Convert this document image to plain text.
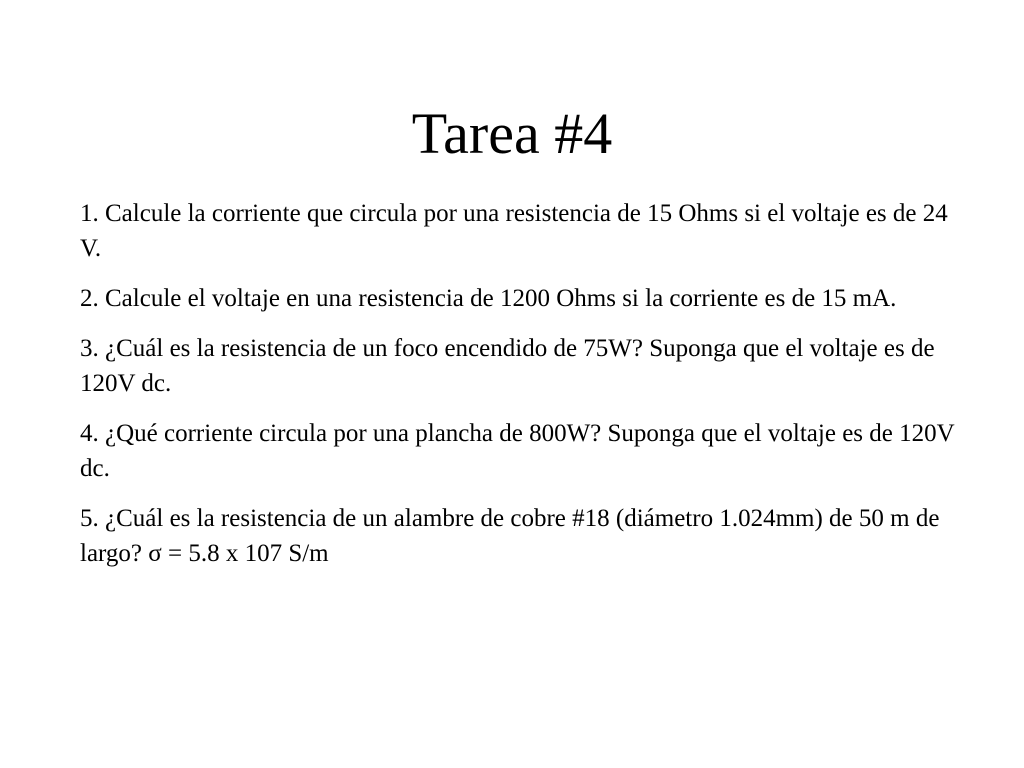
Tarea #4
1. Calcule la corriente que circula por una resistencia de 15 Ohms si el voltaje es de 24 V.
2. Calcule el voltaje en una resistencia de 1200 Ohms si la corriente es de 15 mA.
3. ¿Cuál es la resistencia de un foco encendido de 75W? Suponga que el voltaje es de 120V dc.
4. ¿Qué corriente circula por una plancha de 800W? Suponga que el voltaje es de 120V dc.
5. ¿Cuál es la resistencia de un alambre de cobre #18 (diámetro 1.024mm) de 50 m de largo? σ = 5.8 x 107 S/m
